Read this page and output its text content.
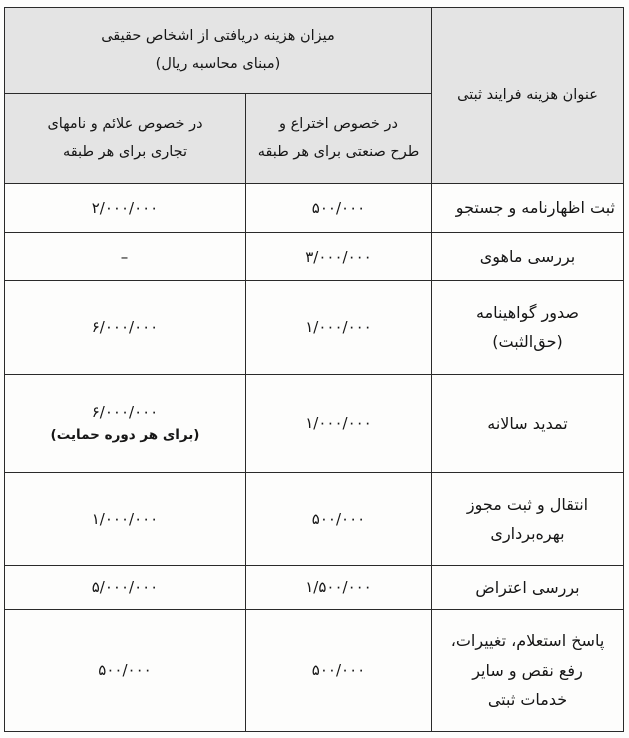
عنوان هزینه فرایند ثبتی	میزان هزینه دریافتی از اشخاص حقیقی
(مبنای محاسبه ریال)	

	در خصوص اختراع و
طرح صنعتی برای هر طبقه	در خصوص علائم و نامهای
تجاری برای هر طبقه

ثبت اظهارنامه و جستجو	۵۰۰/۰۰۰	۲/۰۰۰/۰۰۰

بررسی ماهوی	۳/۰۰۰/۰۰۰	–

صدور گواهینامه
(حق‌الثبت)	۱/۰۰۰/۰۰۰	۶/۰۰۰/۰۰۰

تمدید سالانه	۱/۰۰۰/۰۰۰	۶/۰۰۰/۰۰۰
(برای هر دوره حمایت)

انتقال و ثبت مجوز
بهره‌برداری	۵۰۰/۰۰۰	۱/۰۰۰/۰۰۰

بررسی اعتراض	۱/۵۰۰/۰۰۰	۵/۰۰۰/۰۰۰

پاسخ استعلام، تغییرات،
رفع نقص و سایر
خدمات ثبتی	۵۰۰/۰۰۰	۵۰۰/۰۰۰
